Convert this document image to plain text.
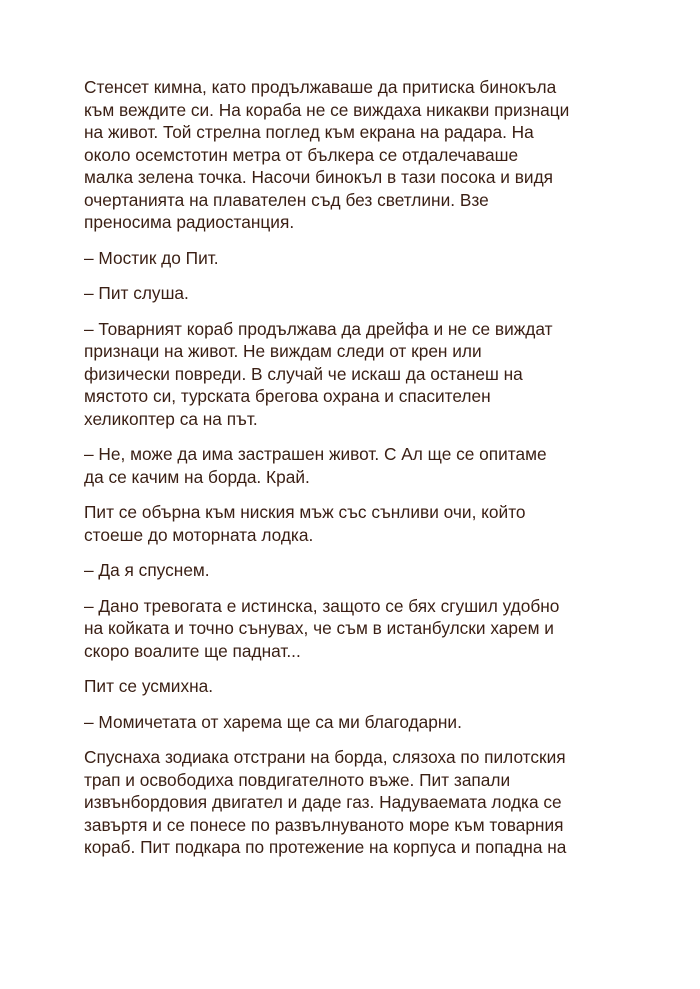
Стенсет кимна, като продължаваше да притиска бинокъла
към веждите си. На кораба не се виждаха никакви признаци
на живот. Той стрелна поглед към екрана на радара. На
около осемстотин метра от бълкера се отдалечаваше
малка зелена точка. Насочи бинокъл в тази посока и видя
очертанията на плавателен съд без светлини. Взе
преносима радиостанция.

– Мостик до Пит.

– Пит слуша.

– Товарният кораб продължава да дрейфа и не се виждат
признаци на живот. Не виждам следи от крен или
физически повреди. В случай че искаш да останеш на
мястото си, турската брегова охрана и спасителен
хеликоптер са на път.

– Не, може да има застрашен живот. С Ал ще се опитаме
да се качим на борда. Край.

Пит се обърна към ниския мъж със сънливи очи, който
стоеше до моторната лодка.

– Да я спуснем.

– Дано тревогата е истинска, защото се бях сгушил удобно
на койката и точно сънувах, че съм в истанбулски харем и
скоро воалите ще паднат...

Пит се усмихна.

– Момичетата от харема ще са ми благодарни.

Спуснаха зодиака отстрани на борда, слязоха по пилотския
трап и освободиха повдигателното въже. Пит запали
извънбордовия двигател и даде газ. Надуваемата лодка се
завъртя и се понесе по развълнуваното море към товарния
кораб. Пит подкара по протежение на корпуса и попадна на
